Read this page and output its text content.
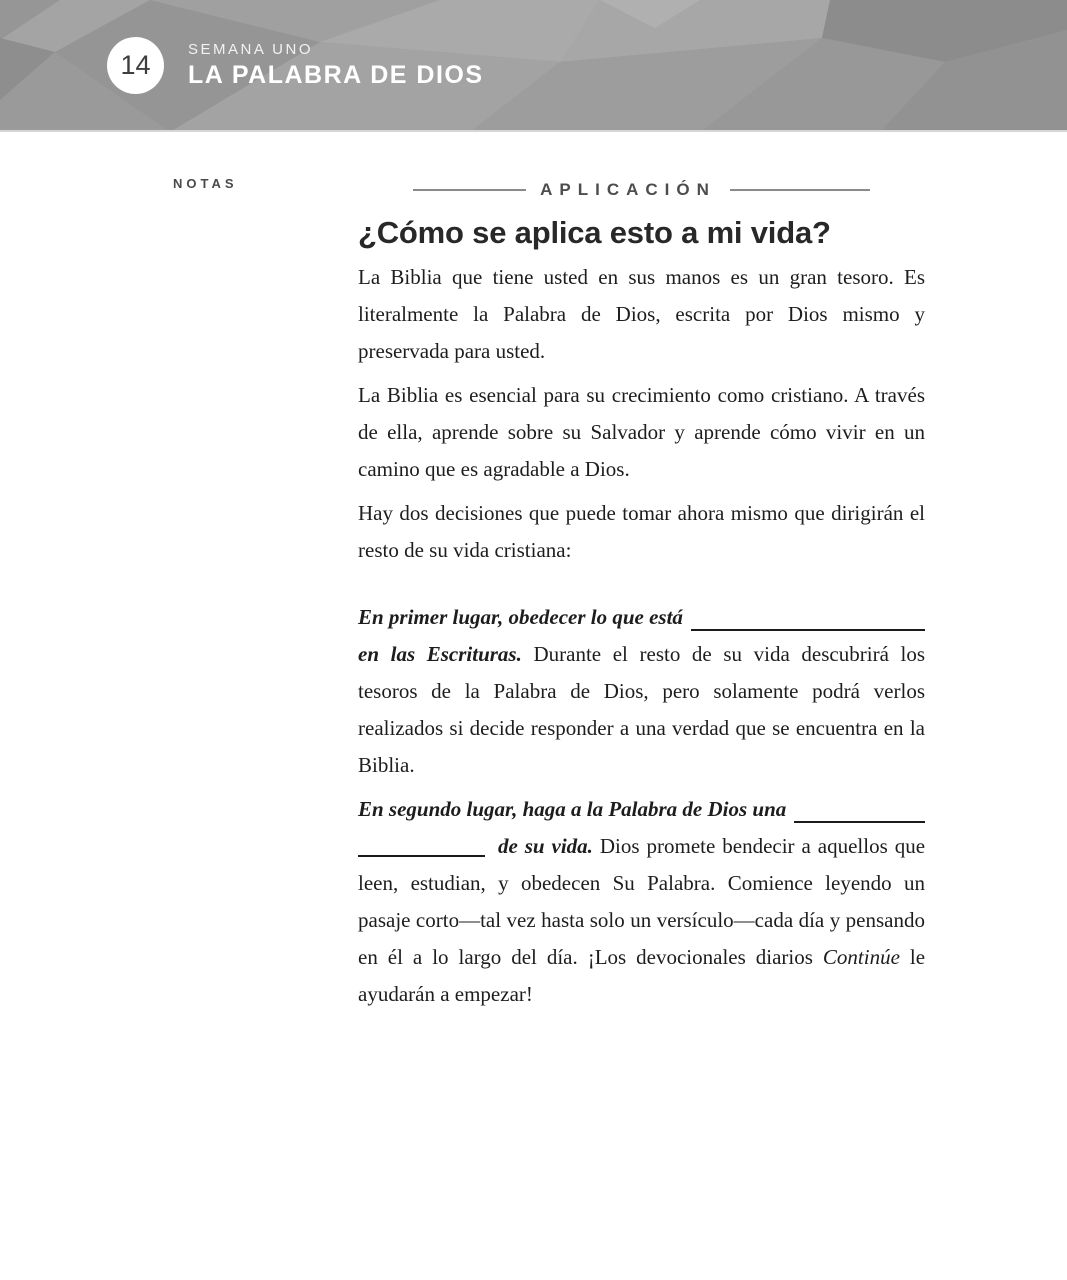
14 SEMANA UNO
LA PALABRA DE DIOS
NOTAS	APLICACIÓN
¿Cómo se aplica esto a mi vida?

La Biblia que tiene usted en sus manos es un gran tesoro. Es literalmente la Palabra de Dios, escrita por Dios mismo y preservada para usted.

La Biblia es esencial para su crecimiento como cristiano. A través de ella, aprende sobre su Salvador y aprende cómo vivir en un camino que es agradable a Dios.

Hay dos decisiones que puede tomar ahora mismo que dirigirán el resto de su vida cristiana:

En primer lugar, obedecer lo que está

en las Escrituras. Durante el resto de su vida descubrirá los tesoros de la Palabra de Dios, pero solamente podrá verlos realizados si decide responder a una verdad que se encuentra en la Biblia.

En segundo lugar, haga a la Palabra de Dios una

de su vida. Dios promete bendecir a aquellos que leen, estudian, y obedecen Su Palabra. Comience leyendo un pasaje corto—tal vez hasta solo un versículo—cada día y pensando en él a lo largo del día. ¡Los devocionales diarios Continúe le ayudarán a empezar!
